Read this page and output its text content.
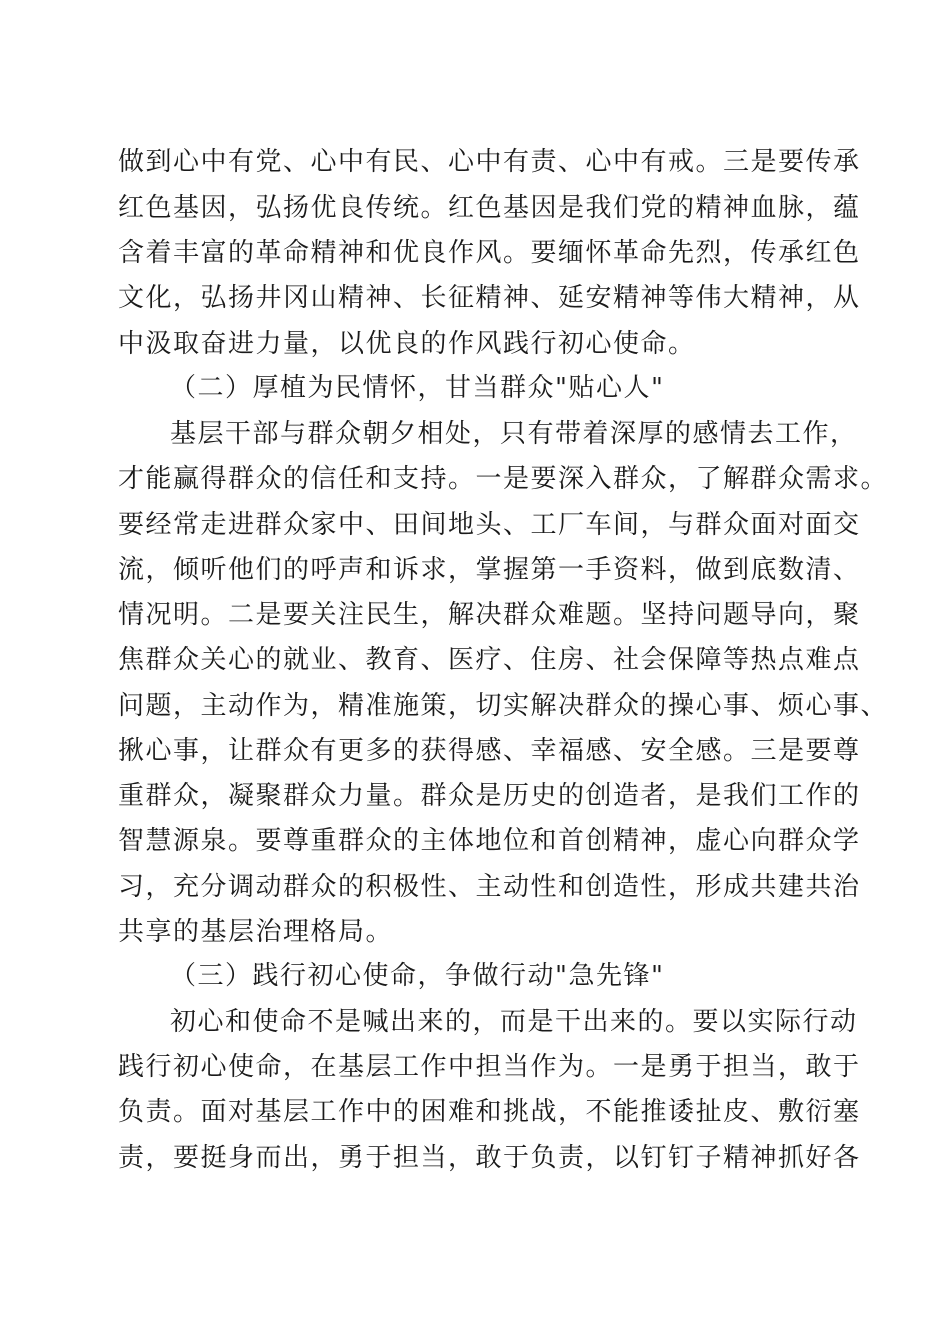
做到心中有党、心中有民、心中有责、心中有戒。三是要传承
红色基因，弘扬优良传统。红色基因是我们党的精神血脉，蕴
含着丰富的革命精神和优良作风。要缅怀革命先烈，传承红色
文化，弘扬井冈山精神、长征精神、延安精神等伟大精神，从
中汲取奋进力量，以优良的作风践行初心使命。
（二）厚植为民情怀，甘当群众"贴心人"
基层干部与群众朝夕相处，只有带着深厚的感情去工作，
才能赢得群众的信任和支持。一是要深入群众，了解群众需求。
要经常走进群众家中、田间地头、工厂车间，与群众面对面交
流，倾听他们的呼声和诉求，掌握第一手资料，做到底数清、
情况明。二是要关注民生，解决群众难题。坚持问题导向，聚
焦群众关心的就业、教育、医疗、住房、社会保障等热点难点
问题，主动作为，精准施策，切实解决群众的操心事、烦心事、
揪心事，让群众有更多的获得感、幸福感、安全感。三是要尊
重群众，凝聚群众力量。群众是历史的创造者，是我们工作的
智慧源泉。要尊重群众的主体地位和首创精神，虚心向群众学
习，充分调动群众的积极性、主动性和创造性，形成共建共治
共享的基层治理格局。
（三）践行初心使命，争做行动"急先锋"
初心和使命不是喊出来的，而是干出来的。要以实际行动
践行初心使命，在基层工作中担当作为。一是勇于担当，敢于
负责。面对基层工作中的困难和挑战，不能推诿扯皮、敷衍塞
责，要挺身而出，勇于担当，敢于负责，以钉钉子精神抓好各
